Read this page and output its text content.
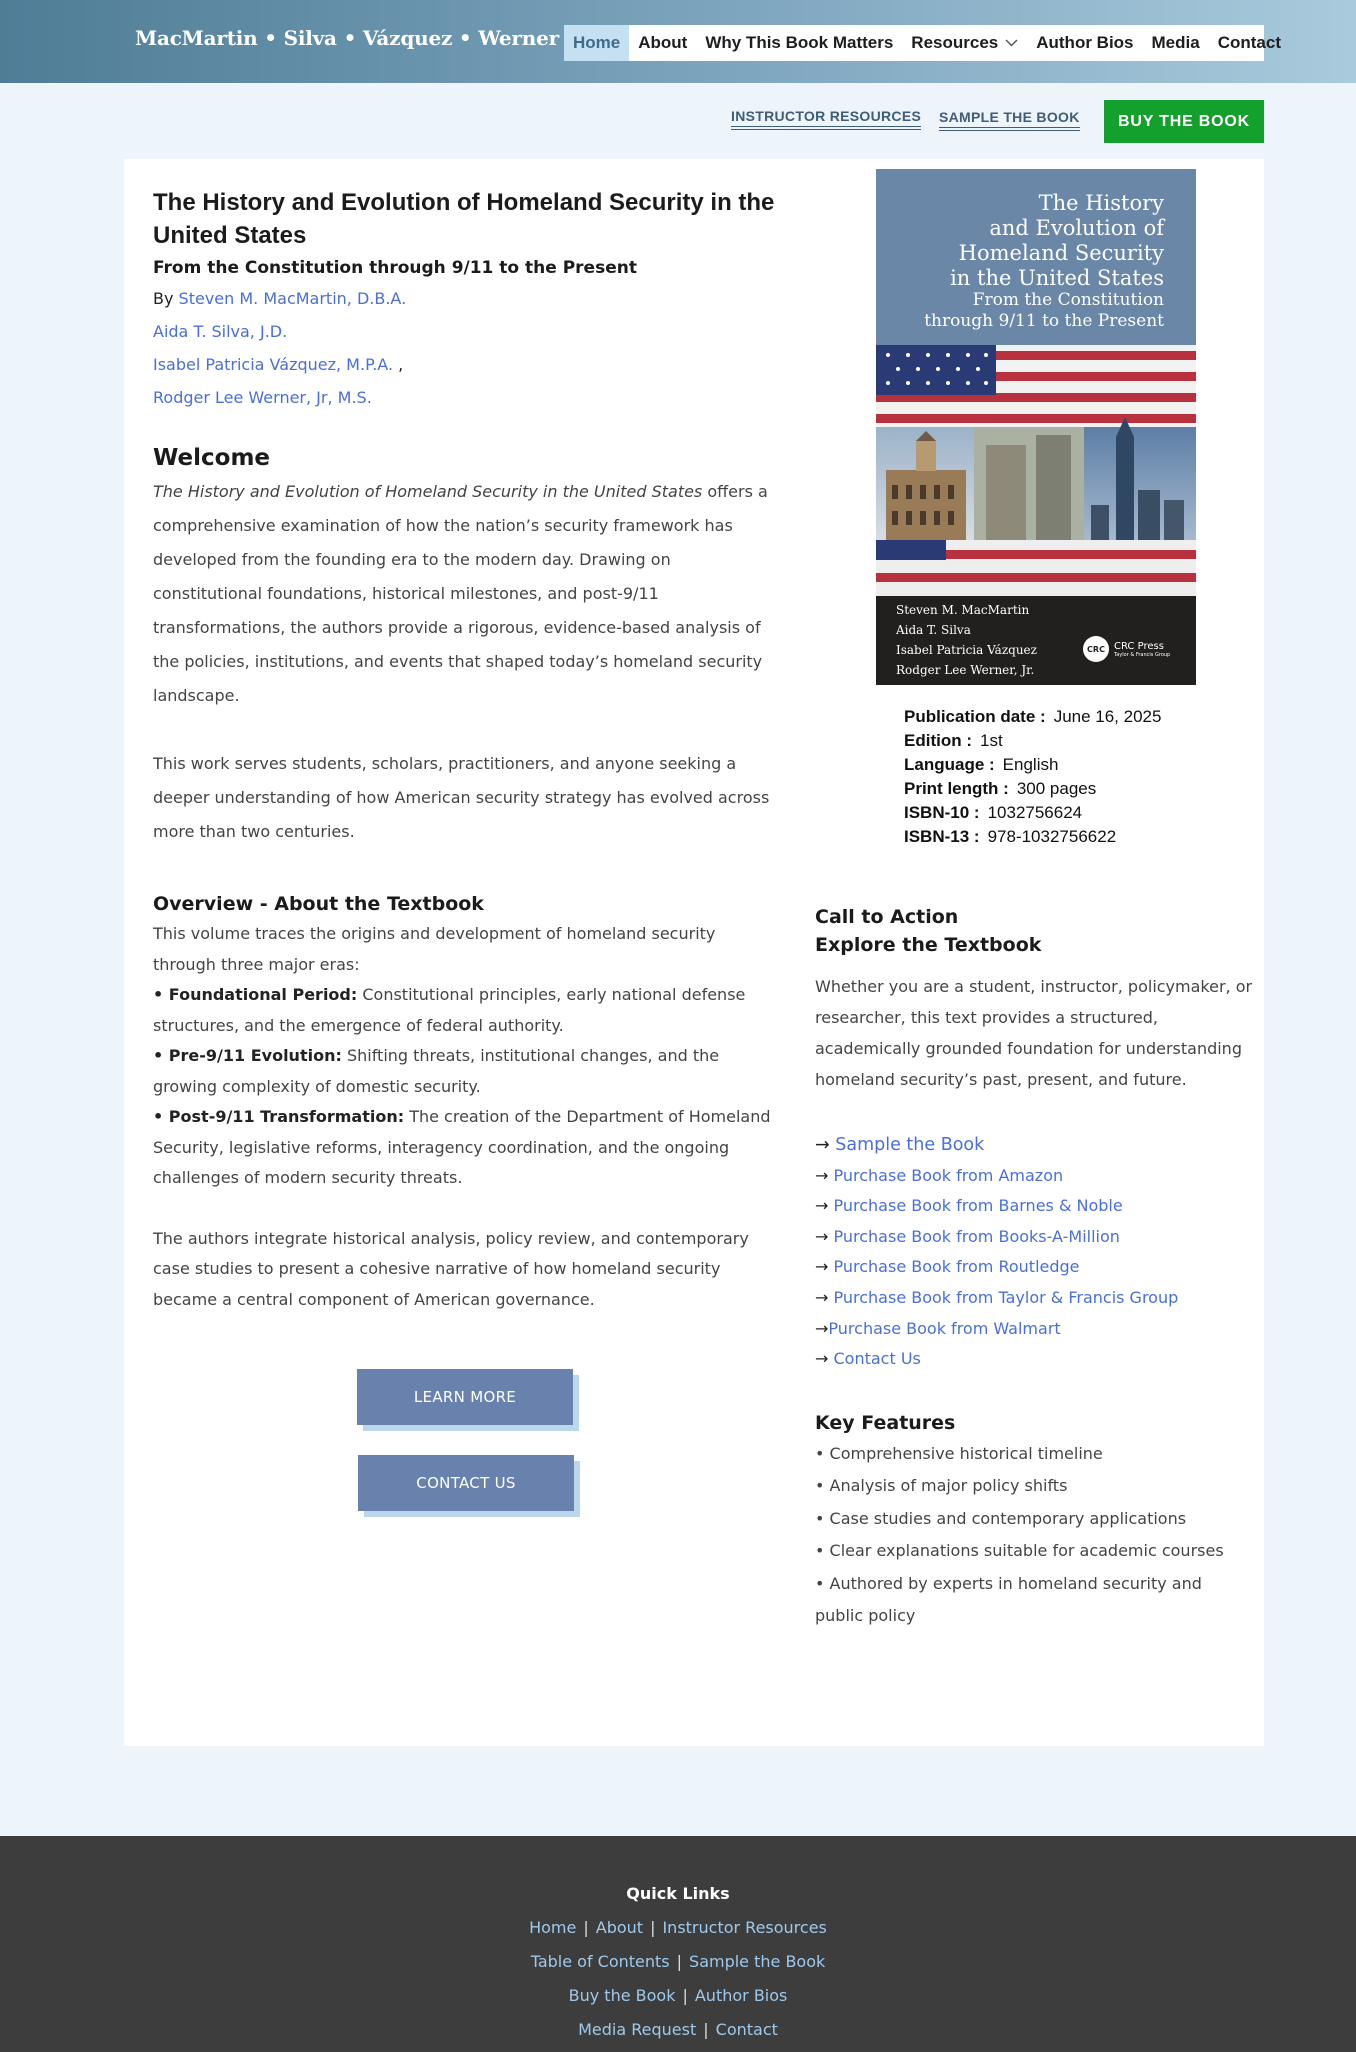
MacMartin • Silva • Vázquez • Werner Home	About	Why This Book Matters	Resources	Author Bios	Media	Contact
INSTRUCTOR RESOURCES SAMPLE THE BOOK	BUY THE BOOK
The History and Evolution of Homeland Security in the United States
From the Constitution through 9/11 to the Present
By Steven M. MacMartin, D.B.A.
Aida T. Silva, J.D.
Isabel Patricia Vázquez, M.P.A. ,
Rodger Lee Werner, Jr, M.S.
Welcome

The History and Evolution of Homeland Security in the United States offers a comprehensive examination of how the nation’s security framework has developed from the founding era to the modern day. Drawing on constitutional foundations, historical milestones, and post-9/11 transformations, the authors provide a rigorous, evidence-based analysis of the policies, institutions, and events that shaped today’s homeland security landscape.

This work serves students, scholars, practitioners, and anyone seeking a deeper understanding of how American security strategy has evolved across more than two centuries.

Overview - About the Textbook
This volume traces the origins and development of homeland security through three major eras:
• Foundational Period: Constitutional principles, early national defense structures, and the emergence of federal authority.
• Pre-9/11 Evolution: Shifting threats, institutional changes, and the growing complexity of domestic security.
• Post-9/11 Transformation: The creation of the Department of Homeland Security, legislative reforms, interagency coordination, and the ongoing challenges of modern security threats.
The authors integrate historical analysis, policy review, and contemporary case studies to present a cohesive narrative of how homeland security became a central component of American governance.
LEARN MORE
CONTACT US
The History
and Evolution of
Homeland Security
in the United States
From the Constitution
through 9/11 to the Present
Steven M. MacMartin
Aida T. Silva
Isabel Patricia Vázquez
Rodger Lee Werner, Jr.
CRC CRC Press
Taylor & Francis Group
Publication date : June 16, 2025
Edition : 1st
Language : English
Print length : 300 pages
ISBN-10 : 1032756624
ISBN-13 : 978-1032756622
Call to Action
Explore the Textbook

Whether you are a student, instructor, policymaker, or researcher, this text provides a structured, academically grounded foundation for understanding homeland security’s past, present, and future.

→ Sample the Book
→ Purchase Book from Amazon
→ Purchase Book from Barnes & Noble
→ Purchase Book from Books-A-Million
→ Purchase Book from Routledge
→ Purchase Book from Taylor & Francis Group
→Purchase Book from Walmart
→ Contact Us
Key Features
• Comprehensive historical timeline
• Analysis of major policy shifts
• Case studies and contemporary applications
• Clear explanations suitable for academic courses
• Authored by experts in homeland security and public policy
Quick Links
Home | About | Instructor Resources
Table of Contents | Sample the Book
Buy the Book | Author Bios
Media Request | Contact
